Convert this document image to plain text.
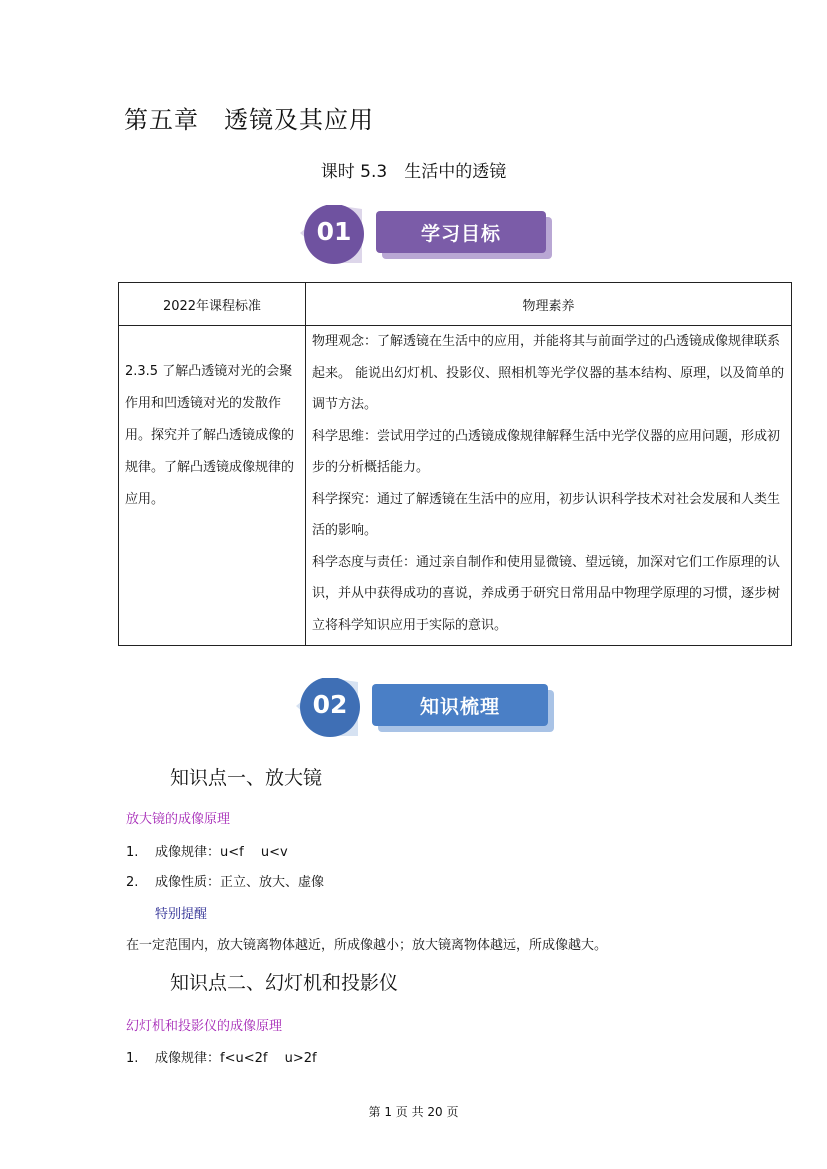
第五章　透镜及其应用
课时 5.3　生活中的透镜
01	学习目标
2022年课程标准	物理素养
2.3.5 了解凸透镜对光的会聚作用和凹透镜对光的发散作用。探究并了解凸透镜成像的规律。了解凸透镜成像规律的应用。	物理观念：了解透镜在生活中的应用，并能将其与前面学过的凸透镜成像规律联系起来。 能说出幻灯机、投影仪、照相机等光学仪器的基本结构、原理，以及简单的调节方法。
科学思维：尝试用学过的凸透镜成像规律解释生活中光学仪器的应用问题，形成初步的分析概括能力。
科学探究：通过了解透镜在生活中的应用，初步认识科学技术对社会发展和人类生活的影响。
科学态度与责任：通过亲自制作和使用显微镜、望远镜，加深对它们工作原理的认识，并从中获得成功的喜说，养成勇于研究日常用品中物理学原理的习惯，逐步树立将科学知识应用于实际的意识。
02	知识梳理
知识点一、放大镜
放大镜的成像原理
1. 成像规律：u<f　 u<v
2. 成像性质：正立、放大、虚像
特别提醒
在一定范围内，放大镜离物体越近，所成像越小；放大镜离物体越远，所成像越大。
知识点二、幻灯机和投影仪
幻灯机和投影仪的成像原理
1. 成像规律：f<u<2f　 u>2f
第 1 页 共 20 页
